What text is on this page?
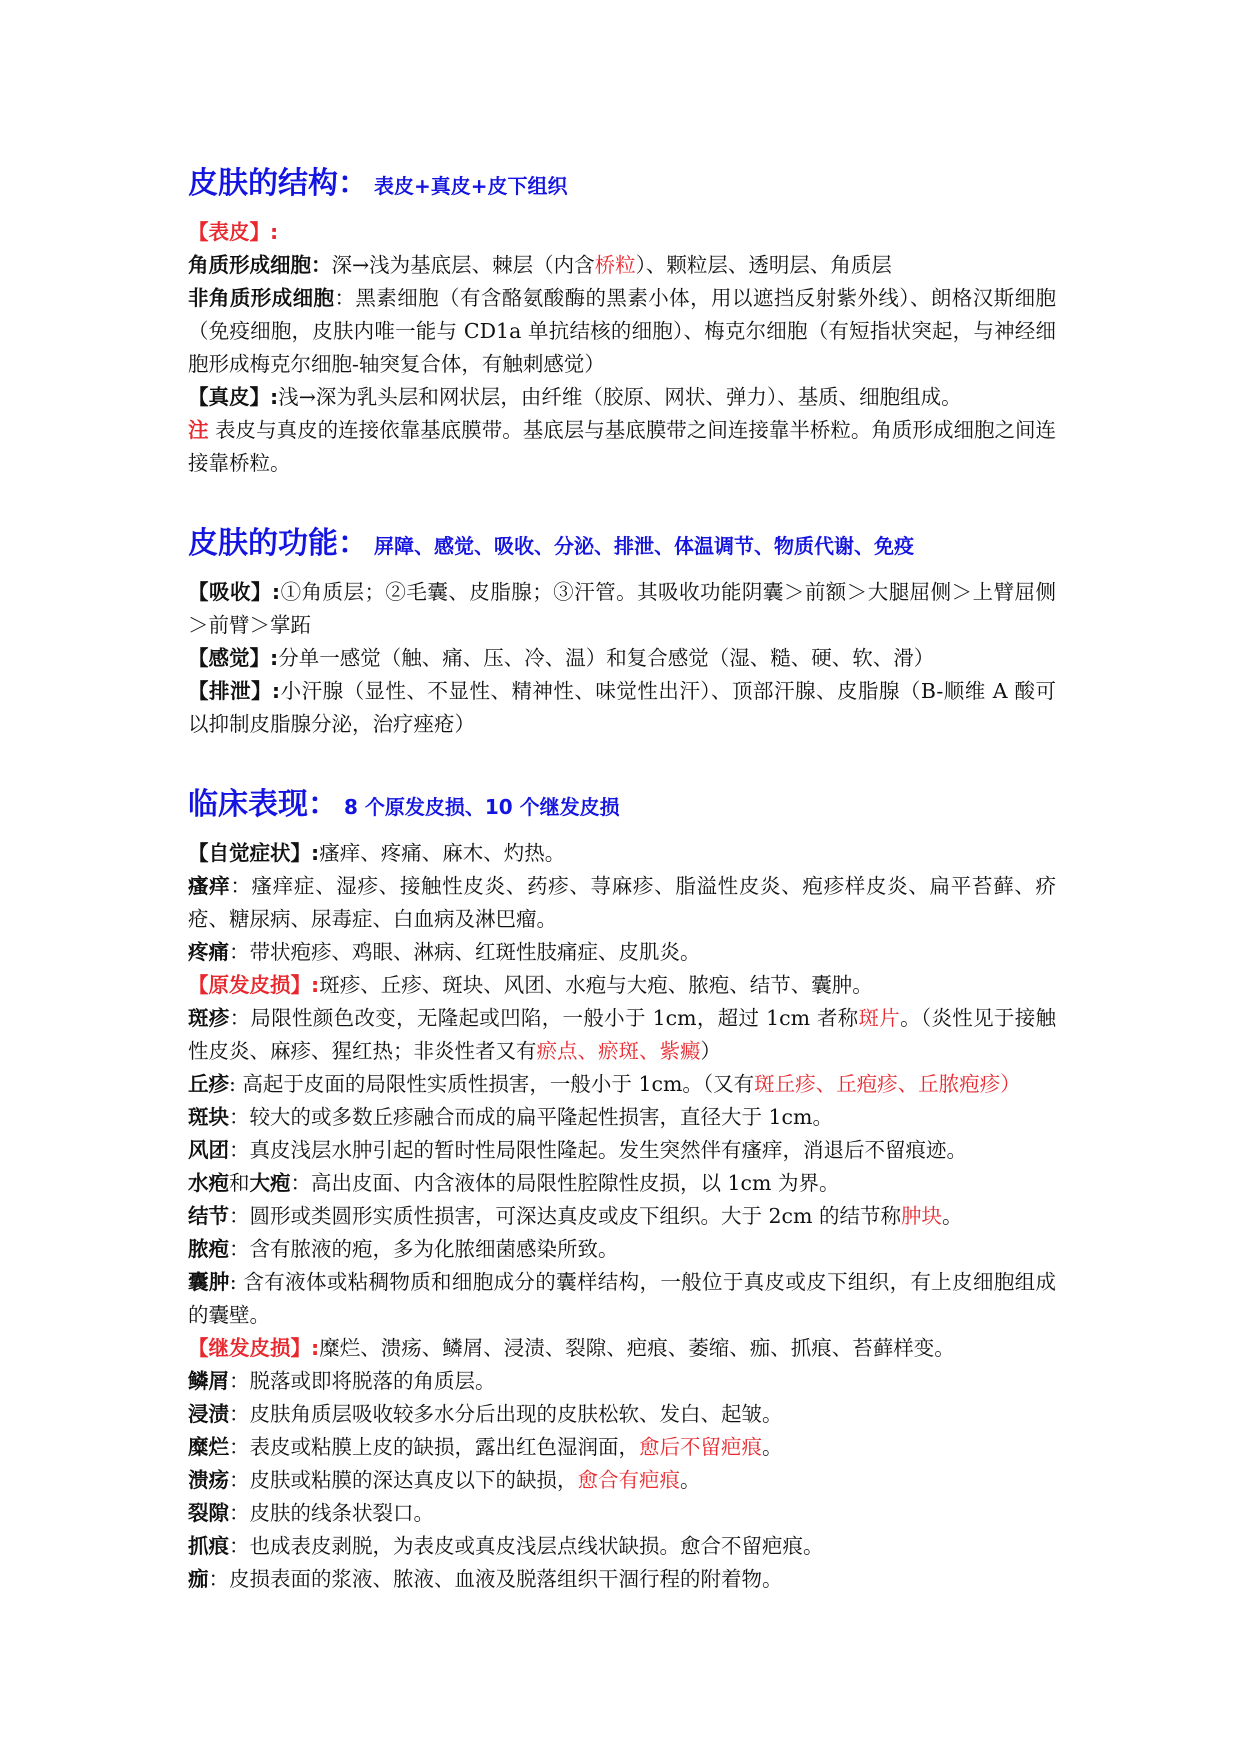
皮肤的结构： 表皮+真皮+皮下组织

【表皮】:

角质形成细胞：深→浅为基底层、棘层（内含桥粒）、颗粒层、透明层、角质层

非角质形成细胞：黑素细胞（有含酪氨酸酶的黑素小体，用以遮挡反射紫外线）、朗格汉斯细胞（免疫细胞，皮肤内唯一能与 CD1a 单抗结核的细胞）、梅克尔细胞（有短指状突起，与神经细胞形成梅克尔细胞-轴突复合体，有触刺感觉）

【真皮】:浅→深为乳头层和网状层，由纤维（胶原、网状、弹力）、基质、细胞组成。

注 表皮与真皮的连接依靠基底膜带。基底层与基底膜带之间连接靠半桥粒。角质形成细胞之间连接靠桥粒。

皮肤的功能： 屏障、感觉、吸收、分泌、排泄、体温调节、物质代谢、免疫

【吸收】:①角质层；②毛囊、皮脂腺；③汗管。其吸收功能阴囊＞前额＞大腿屈侧＞上臂屈侧＞前臂＞掌跖

【感觉】:分单一感觉（触、痛、压、冷、温）和复合感觉（湿、糙、硬、软、滑）

【排泄】:小汗腺（显性、不显性、精神性、味觉性出汗）、顶部汗腺、皮脂腺（B-顺维 A 酸可以抑制皮脂腺分泌，治疗痤疮）

临床表现： 8 个原发皮损、10 个继发皮损

【自觉症状】:瘙痒、疼痛、麻木、灼热。

瘙痒：瘙痒症、湿疹、接触性皮炎、药疹、荨麻疹、脂溢性皮炎、疱疹样皮炎、扁平苔藓、疥疮、糖尿病、尿毒症、白血病及淋巴瘤。

疼痛：带状疱疹、鸡眼、淋病、红斑性肢痛症、皮肌炎。

【原发皮损】:斑疹、丘疹、斑块、风团、水疱与大疱、脓疱、结节、囊肿。

斑疹：局限性颜色改变，无隆起或凹陷，一般小于 1cm，超过 1cm 者称斑片。（炎性见于接触性皮炎、麻疹、猩红热；非炎性者又有瘀点、瘀斑、紫癜）

丘疹: 高起于皮面的局限性实质性损害，一般小于 1cm。（又有斑丘疹、丘疱疹、丘脓疱疹）

斑块：较大的或多数丘疹融合而成的扁平隆起性损害，直径大于 1cm。

风团：真皮浅层水肿引起的暂时性局限性隆起。发生突然伴有瘙痒，消退后不留痕迹。

水疱和大疱：高出皮面、内含液体的局限性腔隙性皮损，以 1cm 为界。

结节：圆形或类圆形实质性损害，可深达真皮或皮下组织。大于 2cm 的结节称肿块。

脓疱：含有脓液的疱，多为化脓细菌感染所致。

囊肿: 含有液体或粘稠物质和细胞成分的囊样结构，一般位于真皮或皮下组织，有上皮细胞组成的囊壁。

【继发皮损】:糜烂、溃疡、鳞屑、浸渍、裂隙、疤痕、萎缩、痂、抓痕、苔藓样变。

鳞屑：脱落或即将脱落的角质层。

浸渍：皮肤角质层吸收较多水分后出现的皮肤松软、发白、起皱。

糜烂：表皮或粘膜上皮的缺损，露出红色湿润面，愈后不留疤痕。

溃疡：皮肤或粘膜的深达真皮以下的缺损，愈合有疤痕。

裂隙：皮肤的线条状裂口。

抓痕：也成表皮剥脱，为表皮或真皮浅层点线状缺损。愈合不留疤痕。

痂：皮损表面的浆液、脓液、血液及脱落组织干涸行程的附着物。
